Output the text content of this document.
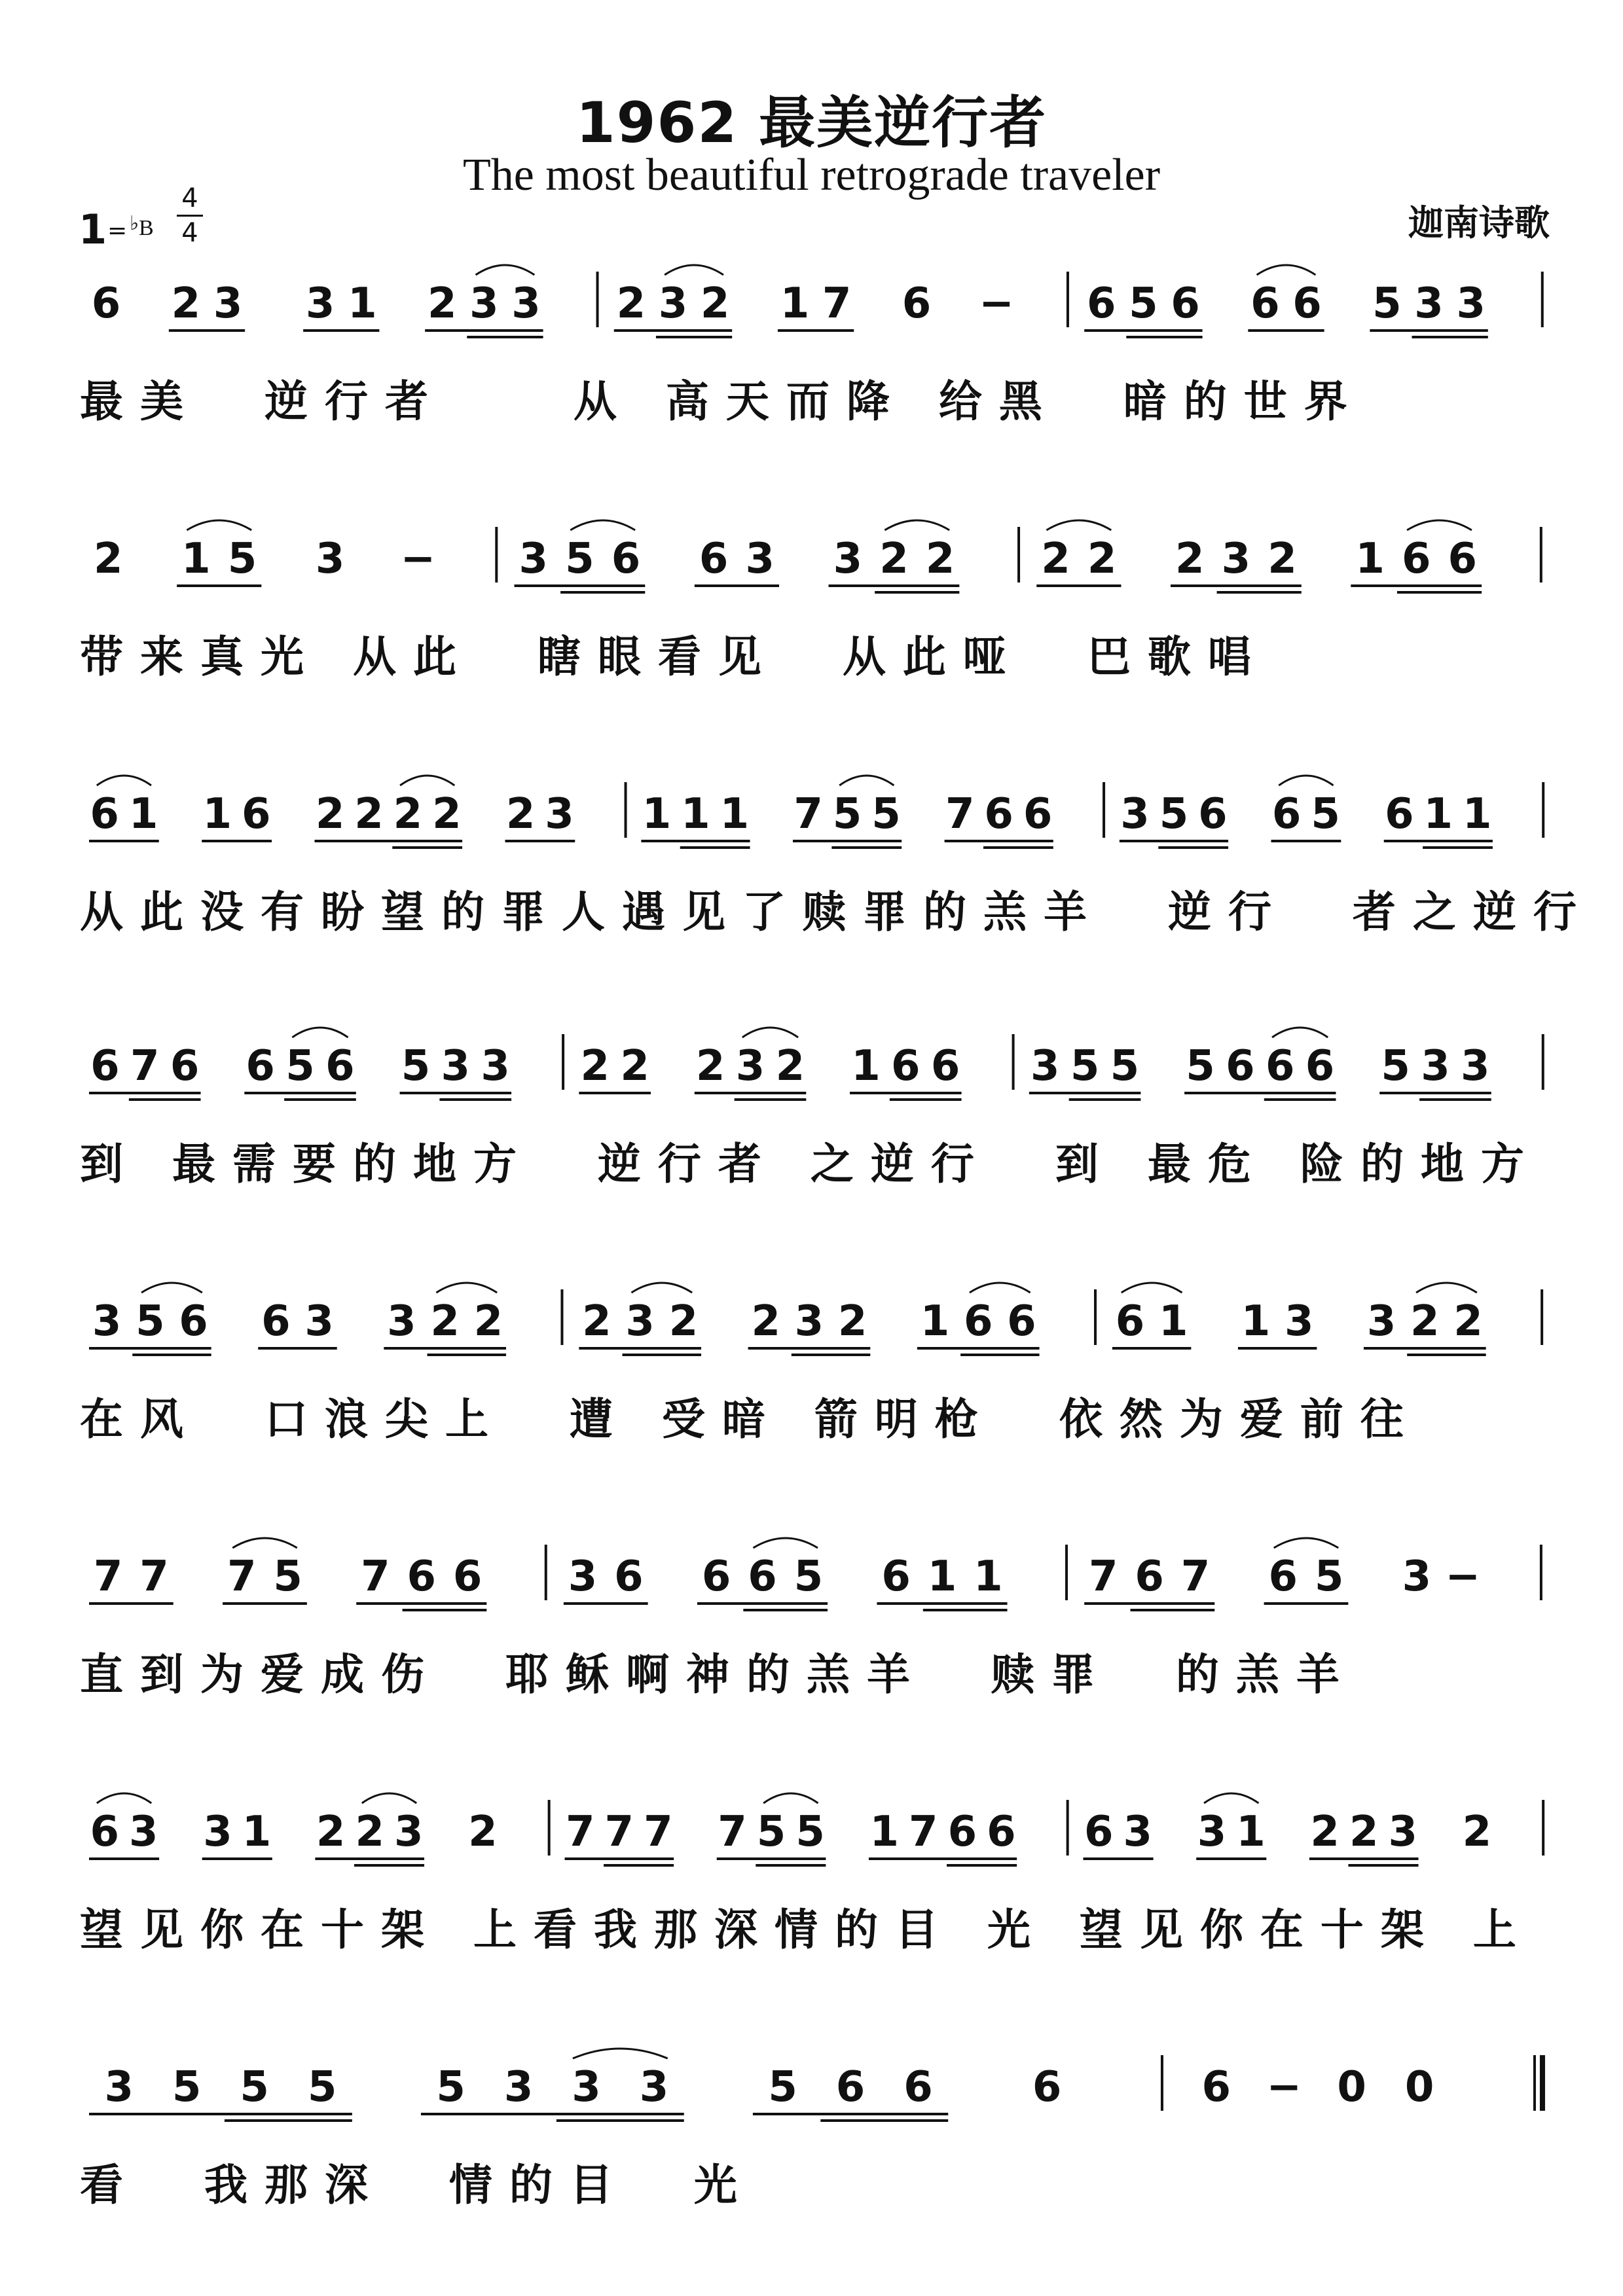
1962 最美逆行者
The most beautiful retrograde traveler
迦南诗歌
1 = ♭ B
4
4
6 2 3 3 1 2 3 3 2 3 2 1 7 6 − 6 5 6 6 6 5 3 3
最美  逆行者    从 高天而降 给黑  暗的世界
2 1 5 3 − 3 5 6 6 3 3 2 2 2 2 2 3 2 1 6 6
带来真光 从此  瞎眼看见  从此哑  巴歌唱
6 1 1 6 2 2 2 2 2 3 1 1 1 7 5 5 7 6 6 3 5 6 6 5 6 1 1
从此没有盼望的罪人遇见了赎罪的羔羊  逆行  者之逆行
6 7 6 6 5 6 5 3 3 2 2 2 3 2 1 6 6 3 5 5 5 6 6 6 5 3 3
到 最需要的地方  逆行者 之逆行  到 最危 险的地方
3 5 6 6 3 3 2 2 2 3 2 2 3 2 1 6 6 6 1 1 3 3 2 2
在风  口浪尖上  遭 受暗 箭明枪  依然为爱前往
7 7 7 5 7 6 6 3 6 6 6 5 6 1 1 7 6 7 6 5 3 −
直到为爱成伤  耶稣啊神的羔羊  赎罪  的羔羊
6 3 3 1 2 2 3 2 7 7 7 7 5 5 1 7 6 6 6 3 3 1 2 2 3 2
望见你在十架 上看我那深情的目 光 望见你在十架 上
3 5 5 5 5 3 3 3 5 6 6 6	6 − 0 0
看  我那深  情的目  光
